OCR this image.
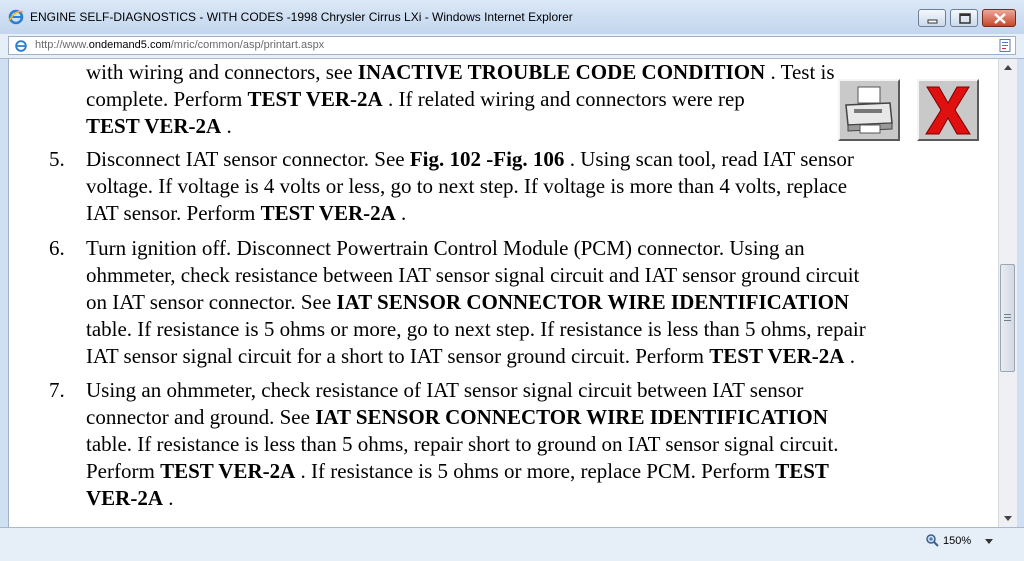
ENGINE SELF-DIAGNOSTICS - WITH CODES -1998 Chrysler Cirrus LXi - Windows Internet Explorer
http://www.ondemand5.com/mric/common/asp/printart.aspx
with wiring and connectors, see INACTIVE TROUBLE CODE CONDITION . Test is
complete. Perform TEST VER-2A . If related wiring and connectors were rep
TEST VER-2A .
5.	Disconnect IAT sensor connector. See Fig. 102 -Fig. 106 . Using scan tool, read IAT sensor
voltage. If voltage is 4 volts or less, go to next step. If voltage is more than 4 volts, replace
IAT sensor. Perform TEST VER-2A .
6.	Turn ignition off. Disconnect Powertrain Control Module (PCM) connector. Using an
ohmmeter, check resistance between IAT sensor signal circuit and IAT sensor ground circuit
on IAT sensor connector. See IAT SENSOR CONNECTOR WIRE IDENTIFICATION
table. If resistance is 5 ohms or more, go to next step. If resistance is less than 5 ohms, repair
IAT sensor signal circuit for a short to IAT sensor ground circuit. Perform TEST VER-2A .
7.	Using an ohmmeter, check resistance of IAT sensor signal circuit between IAT sensor
connector and ground. See IAT SENSOR CONNECTOR WIRE IDENTIFICATION
table. If resistance is less than 5 ohms, repair short to ground on IAT sensor signal circuit.
Perform TEST VER-2A . If resistance is 5 ohms or more, replace PCM. Perform TEST
VER-2A .
150%
